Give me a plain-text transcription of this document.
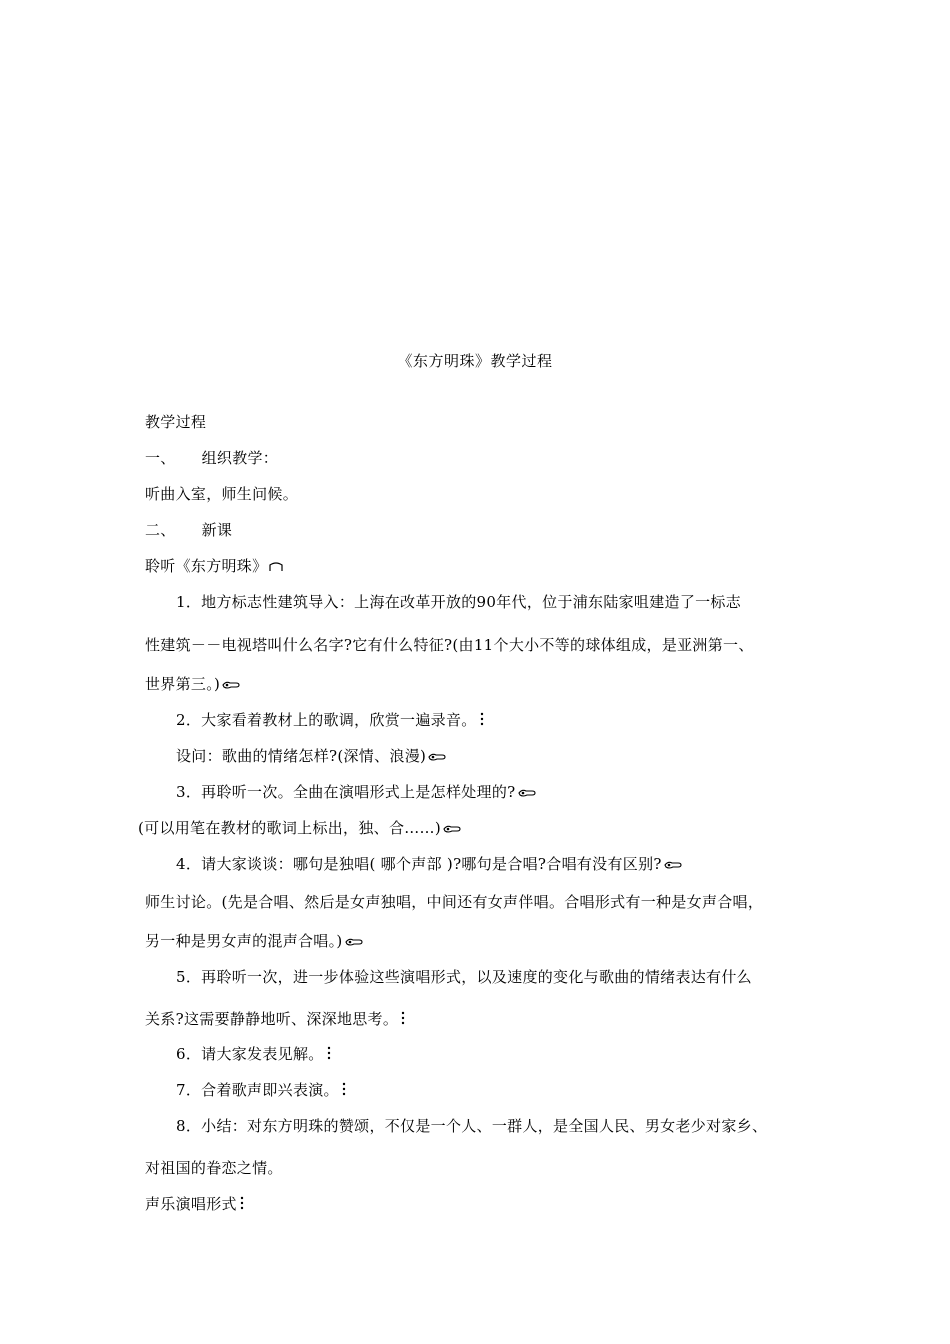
《东方明珠》教学过程
教学过程
一、 组织教学：
听曲入室，师生问候。
二、 新课
聆听《东方明珠》
1．地方标志性建筑导入：上海在改革开放的90年代，位于浦东陆家咀建造了一标志
性建筑－－电视塔叫什么名字?它有什么特征?(由11个大小不等的球体组成，是亚洲第一、
世界第三。)
2．大家看着教材上的歌调，欣赏一遍录音。
设问：歌曲的情绪怎样?(深情、浪漫)
3．再聆听一次。全曲在演唱形式上是怎样处理的?
(可以用笔在教材的歌词上标出，独、合……)
4．请大家谈谈：哪句是独唱( 哪个声部 )?哪句是合唱?合唱有没有区别?
师生讨论。(先是合唱、然后是女声独唱，中间还有女声伴唱。合唱形式有一种是女声合唱，
另一种是男女声的混声合唱。)
5．再聆听一次，进一步体验这些演唱形式，以及速度的变化与歌曲的情绪表达有什么
关系?这需要静静地听、深深地思考。
6．请大家发表见解。
7．合着歌声即兴表演。
8．小结：对东方明珠的赞颂，不仅是一个人、一群人，是全国人民、男女老少对家乡、
对祖国的眷恋之情。
声乐演唱形式
